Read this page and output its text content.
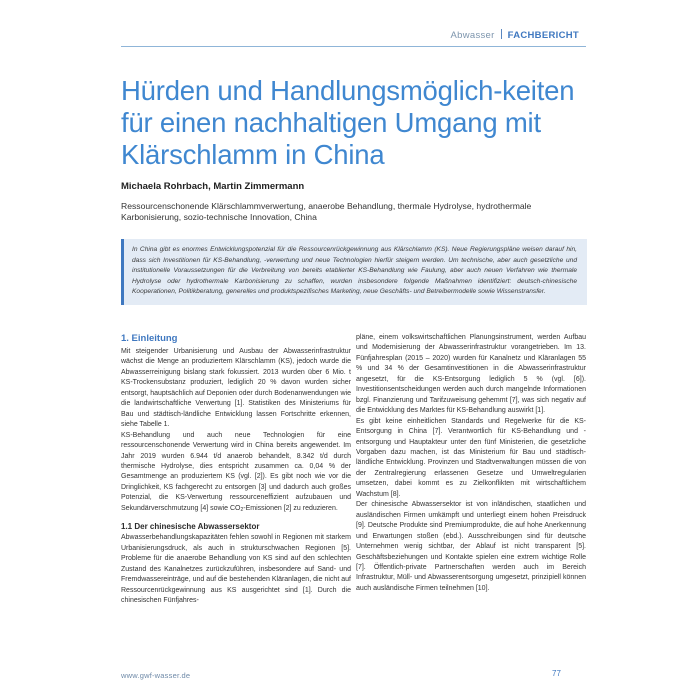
Abwasser FACHBERICHT
Hürden und Handlungsmöglich-keiten für einen nachhaltigen Umgang mit Klärschlamm in China
Michaela Rohrbach, Martin Zimmermann
Ressourcenschonende Klärschlammverwertung, anaerobe Behandlung, thermale Hydrolyse, hydrothermale Karbonisierung, sozio-technische Innovation, China
In China gibt es enormes Entwicklungspotenzial für die Ressourcenrückgewinnung aus Klärschlamm (KS). Neue Regierungspläne weisen darauf hin, dass sich Investitionen für KS-Behandlung, -verwertung und neue Technologien hierfür steigern werden. Um technische, aber auch gesetzliche und institutionelle Voraussetzungen für die Verbreitung von bereits etablierter KS-Behandlung wie Faulung, aber auch neuen Verfahren wie thermale Hydrolyse oder hydrothermale Karbonisierung zu schaffen, wurden insbesondere folgende Maßnahmen identifiziert: deutsch-chinesische Kooperationen, Politikberatung, generelles und produktspezifisches Marketing, neue Geschäfts- und Betreibermodelle sowie Wissenstransfer.
1. Einleitung

Mit steigender Urbanisierung und Ausbau der Abwasserinfrastruktur wächst die Menge an produziertem Klärschlamm (KS), jedoch wurde die Abwasserreinigung bislang stark fokussiert. 2013 wurden über 6 Mio. t KS-Trockensubstanz produziert, lediglich 20 % davon wurden sicher entsorgt, hauptsächlich auf Deponien oder durch Bodenanwendungen wie die landwirtschaftliche Verwertung [1]. Statistiken des Ministeriums für Bau und städtisch-ländliche Entwicklung lassen Fortschritte erkennen, siehe Tabelle 1.

KS-Behandlung und auch neue Technologien für eine ressourcenschonende Verwertung wird in China bereits angewendet. Im Jahr 2019 wurden 6.944 t/d anaerob behandelt, 8.342 t/d durch thermische Hydrolyse, dies entspricht zusammen ca. 0,04 % der Gesamtmenge an produziertem KS (vgl. [2]). Es gibt noch wie vor die Dringlichkeit, KS fachgerecht zu entsorgen [3] und dadurch auch großes Potenzial, die KS-Verwertung ressourceneffizient aufzubauen und Sekundärverschmutzung [4] sowie $CO_2$-Emissionen [2] zu reduzieren.

1.1 Der chinesische Abwassersektor

Abwasserbehandlungskapazitäten fehlen sowohl in Regionen mit starkem Urbanisierungsdruck, als auch in strukturschwachen Regionen [5]. Probleme für die anaerobe Behandlung von KS sind auf den schlechten Zustand des Kanalnetzes zurückzuführen, insbesondere auf Sand- und Fremdwassereinträge, und auf die bestehenden Kläranlagen, die nicht auf Ressourcenrückgewinnung aus KS ausgerichtet sind [1]. Durch die chinesischen Fünfjahres-

pläne, einem volkswirtschaftlichen Planungsinstrument, werden Aufbau und Modernisierung der Abwasserinfrastruktur vorangetrieben. Im 13. Fünfjahresplan (2015 – 2020) wurden für Kanalnetz und Kläranlagen 55 % und 34 % der Gesamtinvestitionen in die Abwasserinfrastruktur angesetzt, für die KS-Entsorgung lediglich 5 % (vgl. [6]). Investitionsentscheidungen werden auch durch mangelnde Informationen bzgl. Finanzierung und Tarifzuweisung gehemmt [7], was sich negativ auf die Entwicklung des Marktes für KS-Behandlung auswirkt [1].

Es gibt keine einheitlichen Standards und Regelwerke für die KS-Entsorgung in China [7]. Verantwortlich für KS-Behandlung und -entsorgung und Hauptakteur unter den fünf Ministerien, die gesetzliche Vorgaben dazu machen, ist das Ministerium für Bau und städtisch-ländliche Entwicklung. Provinzen und Stadtverwaltungen müssen die von der Zentralregierung erlassenen Gesetze und Umweltregularien umsetzen, dabei kommt es zu Zielkonflikten mit wirtschaftlichem Wachstum [8].

Der chinesische Abwassersektor ist von inländischen, staatlichen und ausländischen Firmen umkämpft und unterliegt einem hohen Preisdruck [9]. Deutsche Produkte sind Premiumprodukte, die auf hohe Anerkennung und Erwartungen stoßen (ebd.). Ausschreibungen sind für deutsche Unternehmen wenig sichtbar, der Ablauf ist nicht transparent [5]. Geschäftsbeziehungen und Kontakte spielen eine extrem wichtige Rolle [7]. Öffentlich-private Partnerschaften werden auch im Bereich Infrastruktur, Müll- und Abwasserentsorgung umgesetzt, prinzipiell können auch ausländische Firmen teilnehmen [10].

www.gwf-wasser.de	77
